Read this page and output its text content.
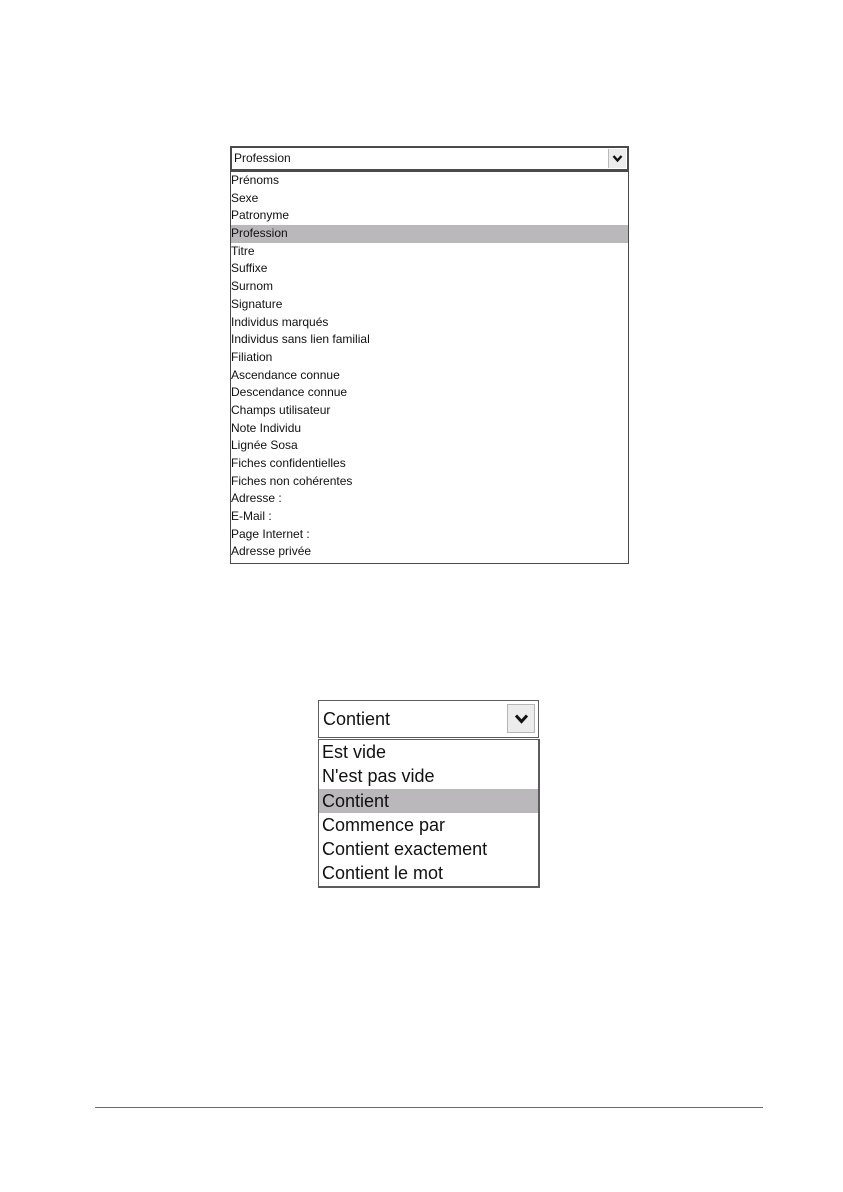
Profession
Prénoms
Sexe
Patronyme
Profession
Titre
Suffixe
Surnom
Signature
Individus marqués
Individus sans lien familial
Filiation
Ascendance connue
Descendance connue
Champs utilisateur
Note Individu
Lignée Sosa
Fiches confidentielles
Fiches non cohérentes
Adresse :
E-Mail :
Page Internet :
Adresse privée
Contient
Est vide
N'est pas vide
Contient
Commence par
Contient exactement
Contient le mot
